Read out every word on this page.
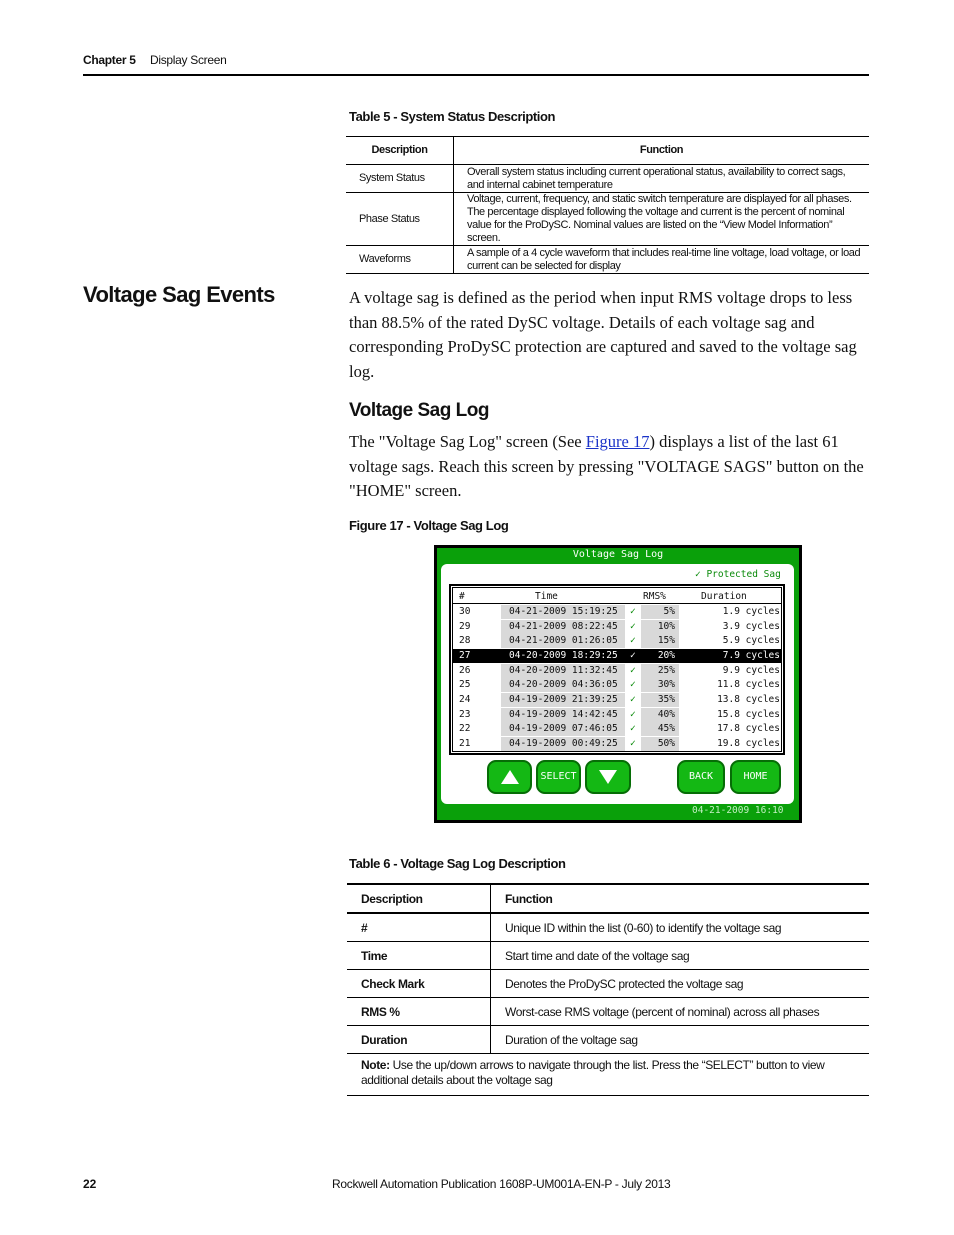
Chapter 5 Display Screen
Table 5 - System Status Description
Description	Function
System Status	Overall system status including current operational status, availability to correct sags, and internal cabinet temperature
Phase Status	Voltage, current, frequency, and static switch temperature are displayed for all phases. The percentage displayed following the voltage and current is the percent of nominal value for the ProDySC. Nominal values are listed on the “View Model Information” screen.
Waveforms	A sample of a 4 cycle waveform that includes real-time line voltage, load voltage, or load current can be selected for display
Voltage Sag Events	A voltage sag is defined as the period when input RMS voltage drops to less than 88.5% of the rated DySC voltage. Details of each voltage sag and corresponding ProDySC protection are captured and saved to the voltage sag log.
Voltage Sag Log
The "Voltage Sag Log" screen (See Figure 17) displays a list of the last 61 voltage sags. Reach this screen by pressing "VOLTAGE SAGS" button on the "HOME" screen.
Figure 17 - Voltage Sag Log
Voltage Sag Log
✓ Protected Sag
#	Time	RMS%	Duration
30	04-21-2009 15:19:25 ✓	5%	1.9 cycles
29	04-21-2009 08:22:45 ✓	10%	3.9 cycles
28	04-21-2009 01:26:05 ✓	15%	5.9 cycles
27	04-20-2009 18:29:25 ✓	20%	7.9 cycles
26	04-20-2009 11:32:45 ✓	25%	9.9 cycles
25	04-20-2009 04:36:05 ✓	30%	11.8 cycles
24	04-19-2009 21:39:25 ✓	35%	13.8 cycles
23	04-19-2009 14:42:45 ✓	40%	15.8 cycles
22	04-19-2009 07:46:05 ✓	45%	17.8 cycles
21	04-19-2009 00:49:25 ✓	50%	19.8 cycles
SELECT	BACK	HOME
04-21-2009 16:10
Table 6 - Voltage Sag Log Description
Description	Function
#	Unique ID within the list (0-60) to identify the voltage sag
Time	Start time and date of the voltage sag
Check Mark	Denotes the ProDySC protected the voltage sag
RMS %	Worst-case RMS voltage (percent of nominal) across all phases
Duration	Duration of the voltage sag
Note: Use the up/down arrows to navigate through the list. Press the “SELECT” button to view additional details about the voltage sag	
22	Rockwell Automation Publication 1608P-UM001A-EN-P - July 2013
